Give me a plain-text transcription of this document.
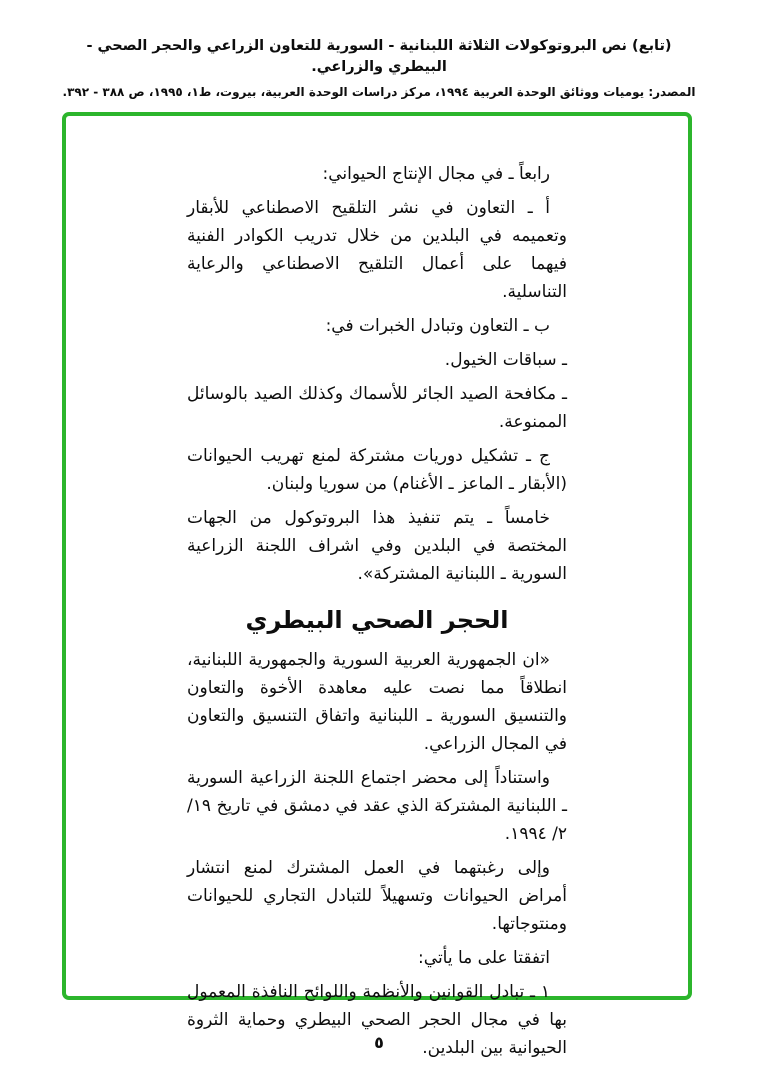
(تابع) نص البروتوكولات الثلاثة اللبنانية - السورية للتعاون الزراعي والحجر الصحي - البيطري والزراعي.
المصدر: يوميات ووثائق الوحدة العربية ١٩٩٤، مركز دراسات الوحدة العربية، بيروت، ط١، ١٩٩٥، ص ٣٨٨ - ٣٩٢.

رابعاً ـ في مجال الإنتاج الحيواني:

أ ـ التعاون في نشر التلقيح الاصطناعي للأبقار وتعميمه في البلدين من خلال تدريب الكوادر الفنية فيهما على أعمال التلقيح الاصطناعي والرعاية التناسلية.

ب ـ التعاون وتبادل الخبرات في:

ـ سباقات الخيول.

ـ مكافحة الصيد الجائر للأسماك وكذلك الصيد بالوسائل الممنوعة.

ج ـ تشكيل دوريات مشتركة لمنع تهريب الحيوانات (الأبقار ـ الماعز ـ الأغنام) من سوريا ولبنان.

خامساً ـ يتم تنفيذ هذا البروتوكول من الجهات المختصة في البلدين وفي اشراف اللجنة الزراعية السورية ـ اللبنانية المشتركة».

الحجر الصحي البيطري

«ان الجمهورية العربية السورية والجمهورية اللبنانية، انطلاقاً مما نصت عليه معاهدة الأخوة والتعاون والتنسيق السورية ـ اللبنانية واتفاق التنسيق والتعاون في المجال الزراعي.

واستناداً إلى محضر اجتماع اللجنة الزراعية السورية ـ اللبنانية المشتركة الذي عقد في دمشق في تاريخ ١٩/ ٢/ ١٩٩٤.

وإلى رغبتهما في العمل المشترك لمنع انتشار أمراض الحيوانات وتسهيلاً للتبادل التجاري للحيوانات ومنتوجاتها.

اتفقتا على ما يأتي:

١ ـ تبادل القوانين والأنظمة واللوائح النافذة المعمول بها في مجال الحجر الصحي البيطري وحماية الثروة الحيوانية بين البلدين.

٥
